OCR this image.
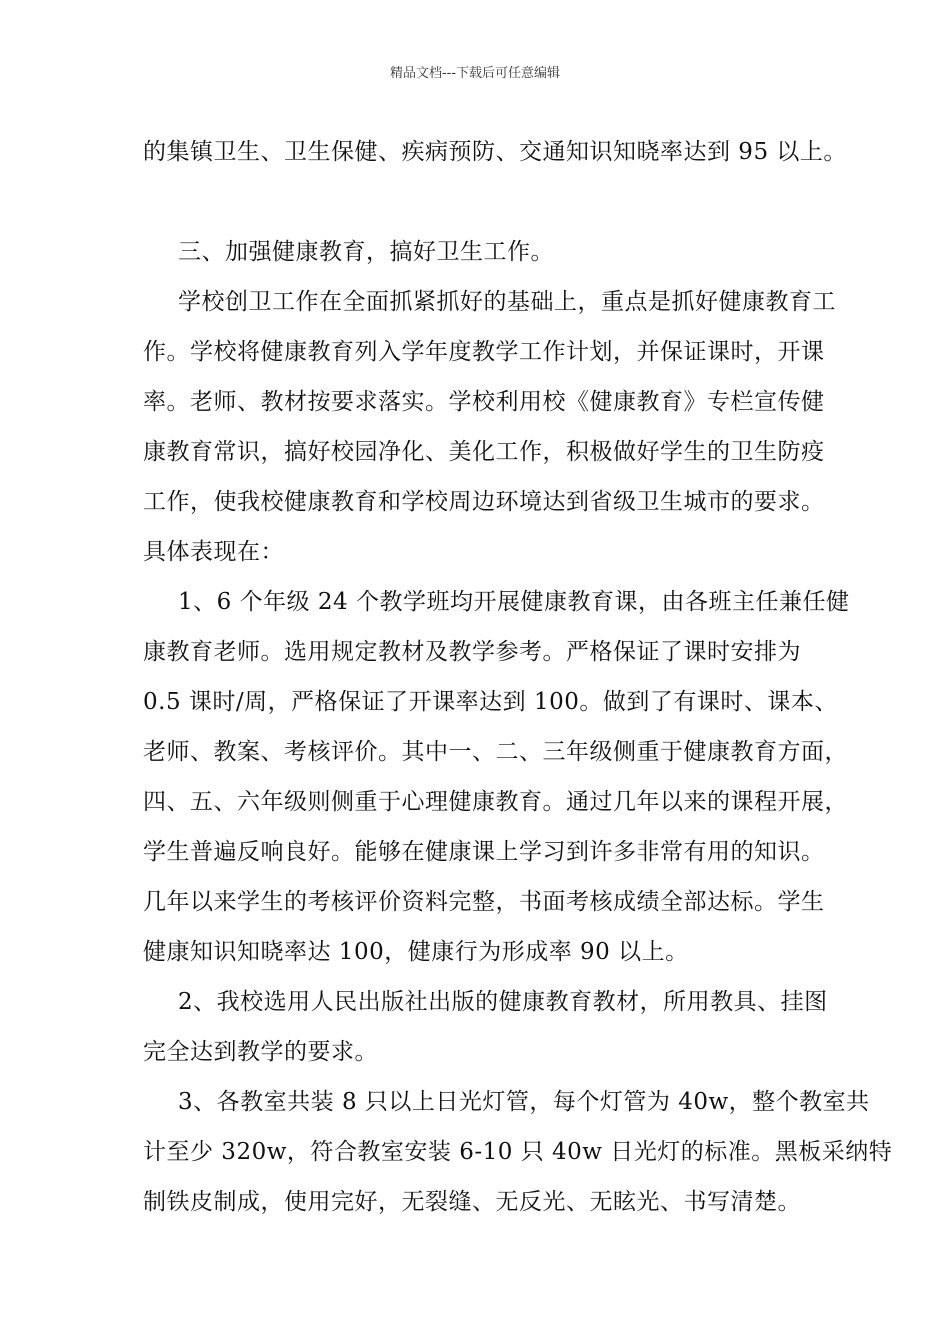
精品文档---下载后可任意编辑
的集镇卫生、卫生保健、疾病预防、交通知识知晓率达到 95 以上。
三、加强健康教育，搞好卫生工作。
学校创卫工作在全面抓紧抓好的基础上，重点是抓好健康教育工
作。学校将健康教育列入学年度教学工作计划，并保证课时，开课
率。老师、教材按要求落实。学校利用校《健康教育》专栏宣传健
康教育常识，搞好校园净化、美化工作，积极做好学生的卫生防疫
工作，使我校健康教育和学校周边环境达到省级卫生城市的要求。
具体表现在：
1、6 个年级 24 个教学班均开展健康教育课，由各班主任兼任健
康教育老师。选用规定教材及教学参考。严格保证了课时安排为
0.5 课时/周，严格保证了开课率达到 100。做到了有课时、课本、
老师、教案、考核评价。其中一、二、三年级侧重于健康教育方面，
四、五、六年级则侧重于心理健康教育。通过几年以来的课程开展，
学生普遍反响良好。能够在健康课上学习到许多非常有用的知识。
几年以来学生的考核评价资料完整，书面考核成绩全部达标。学生
健康知识知晓率达 100，健康行为形成率 90 以上。
2、我校选用人民出版社出版的健康教育教材，所用教具、挂图
完全达到教学的要求。
3、各教室共装 8 只以上日光灯管，每个灯管为 40w，整个教室共
计至少 320w，符合教室安装 6-10 只 40w 日光灯的标准。黑板采纳特
制铁皮制成，使用完好，无裂缝、无反光、无眩光、书写清楚。
